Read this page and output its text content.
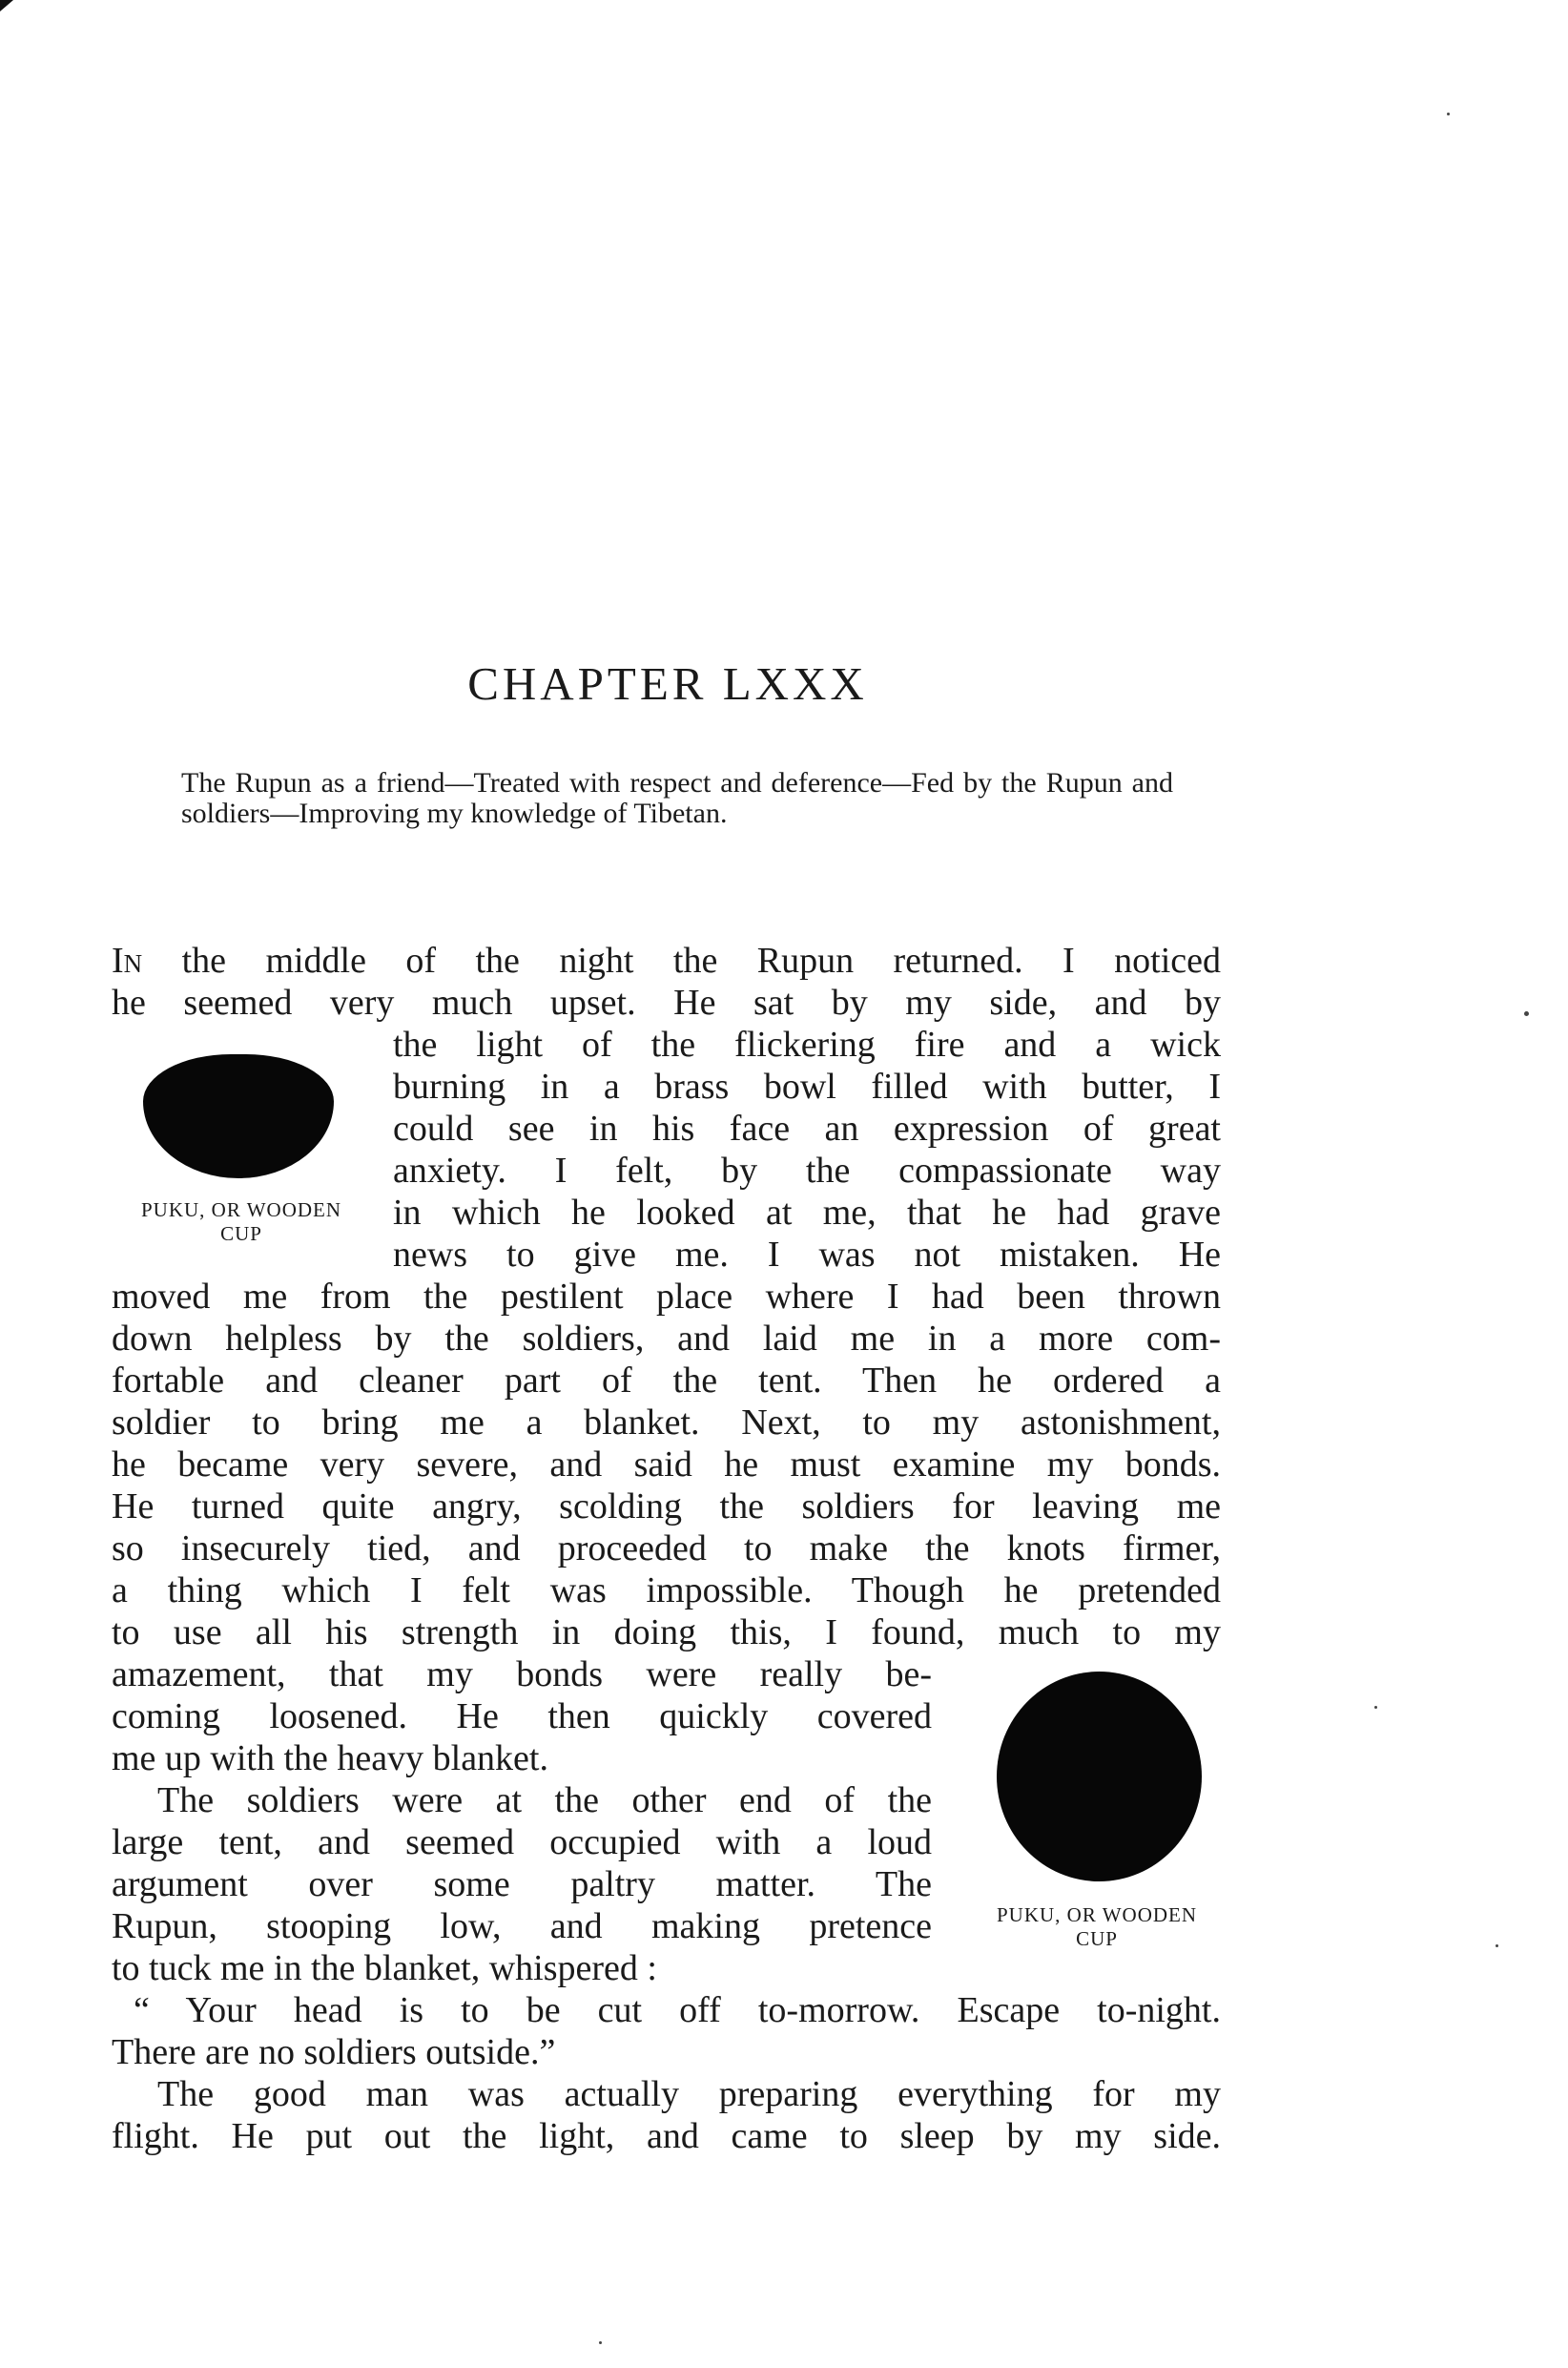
CHAPTER LXXX

The Rupun as a friend—Treated with respect and deference—Fed by the Rupun and soldiers—Improving my knowledge of Tibetan.

PUKU, OR WOODEN
CUP
PUKU, OR WOODEN
CUP

In the middle of the night the Rupun returned. I noticed

he seemed very much upset. He sat by my side, and by

the light of the flickering fire and a wick

burning in a brass bowl filled with butter, I

could see in his face an expression of great

anxiety. I felt, by the compassionate way

in which he looked at me, that he had grave

news to give me. I was not mistaken. He

moved me from the pestilent place where I had been thrown

down helpless by the soldiers, and laid me in a more com-

fortable and cleaner part of the tent. Then he ordered a

soldier to bring me a blanket. Next, to my astonishment,

he became very severe, and said he must examine my bonds.

He turned quite angry, scolding the soldiers for leaving me

so insecurely tied, and proceeded to make the knots firmer,

a thing which I felt was impossible. Though he pretended

to use all his strength in doing this, I found, much to my

amazement, that my bonds were really be-

coming loosened. He then quickly covered

me up with the heavy blanket.

The soldiers were at the other end of the

large tent, and seemed occupied with a loud

argument over some paltry matter. The

Rupun, stooping low, and making pretence

to tuck me in the blanket, whispered :

“ Your head is to be cut off to-morrow. Escape to-night.

There are no soldiers outside.”

The good man was actually preparing everything for my

flight. He put out the light, and came to sleep by my side.
